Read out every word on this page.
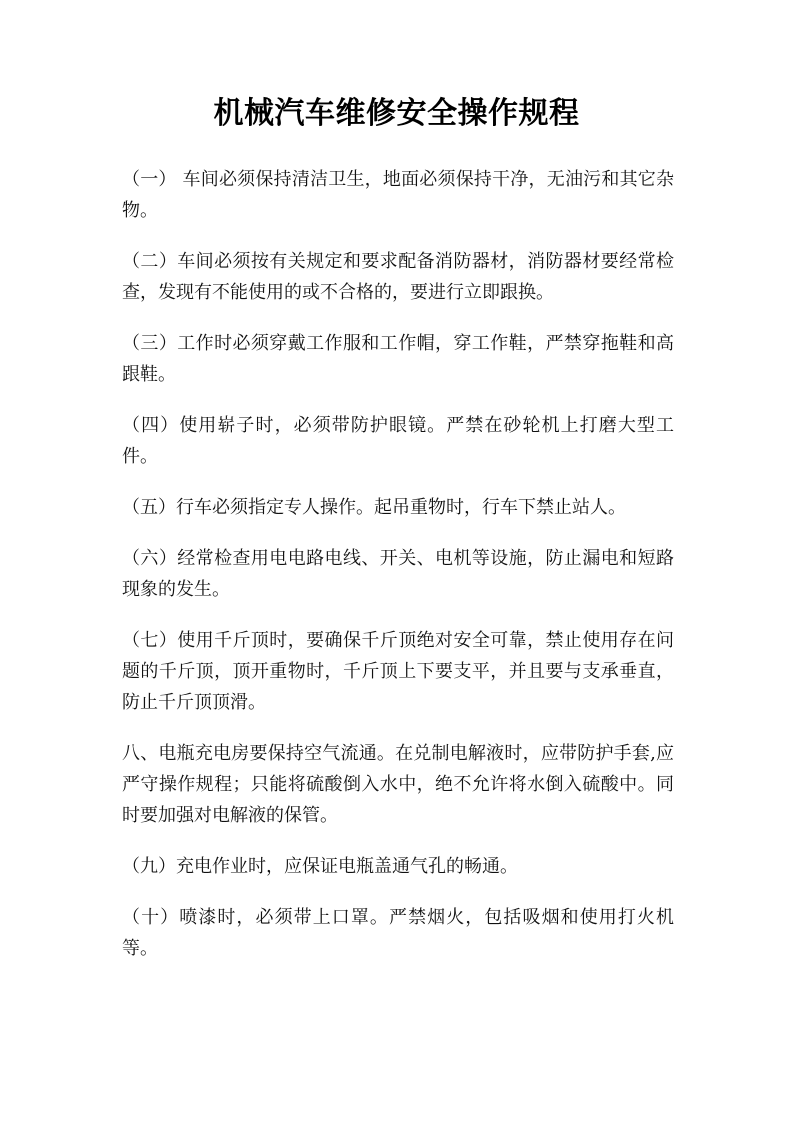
机械汽车维修安全操作规程

（一） 车间必须保持清洁卫生，地面必须保持干净，无油污和其它杂物。

（二）车间必须按有关规定和要求配备消防器材，消防器材要经常检查，发现有不能使用的或不合格的，要进行立即跟换。

（三）工作时必须穿戴工作服和工作帽，穿工作鞋，严禁穿拖鞋和高跟鞋。

（四）使用崭子时，必须带防护眼镜。严禁在砂轮机上打磨大型工件。

（五）行车必须指定专人操作。起吊重物时，行车下禁止站人。

（六）经常检查用电电路电线、开关、电机等设施，防止漏电和短路现象的发生。

（七）使用千斤顶时，要确保千斤顶绝对安全可靠，禁止使用存在问题的千斤顶，顶开重物时，千斤顶上下要支平，并且要与支承垂直，防止千斤顶顶滑。

八、电瓶充电房要保持空气流通。在兑制电解液时，应带防护手套,应严守操作规程；只能将硫酸倒入水中，绝不允许将水倒入硫酸中。同时要加强对电解液的保管。

（九）充电作业时，应保证电瓶盖通气孔的畅通。

（十）喷漆时，必须带上口罩。严禁烟火，包括吸烟和使用打火机等。
